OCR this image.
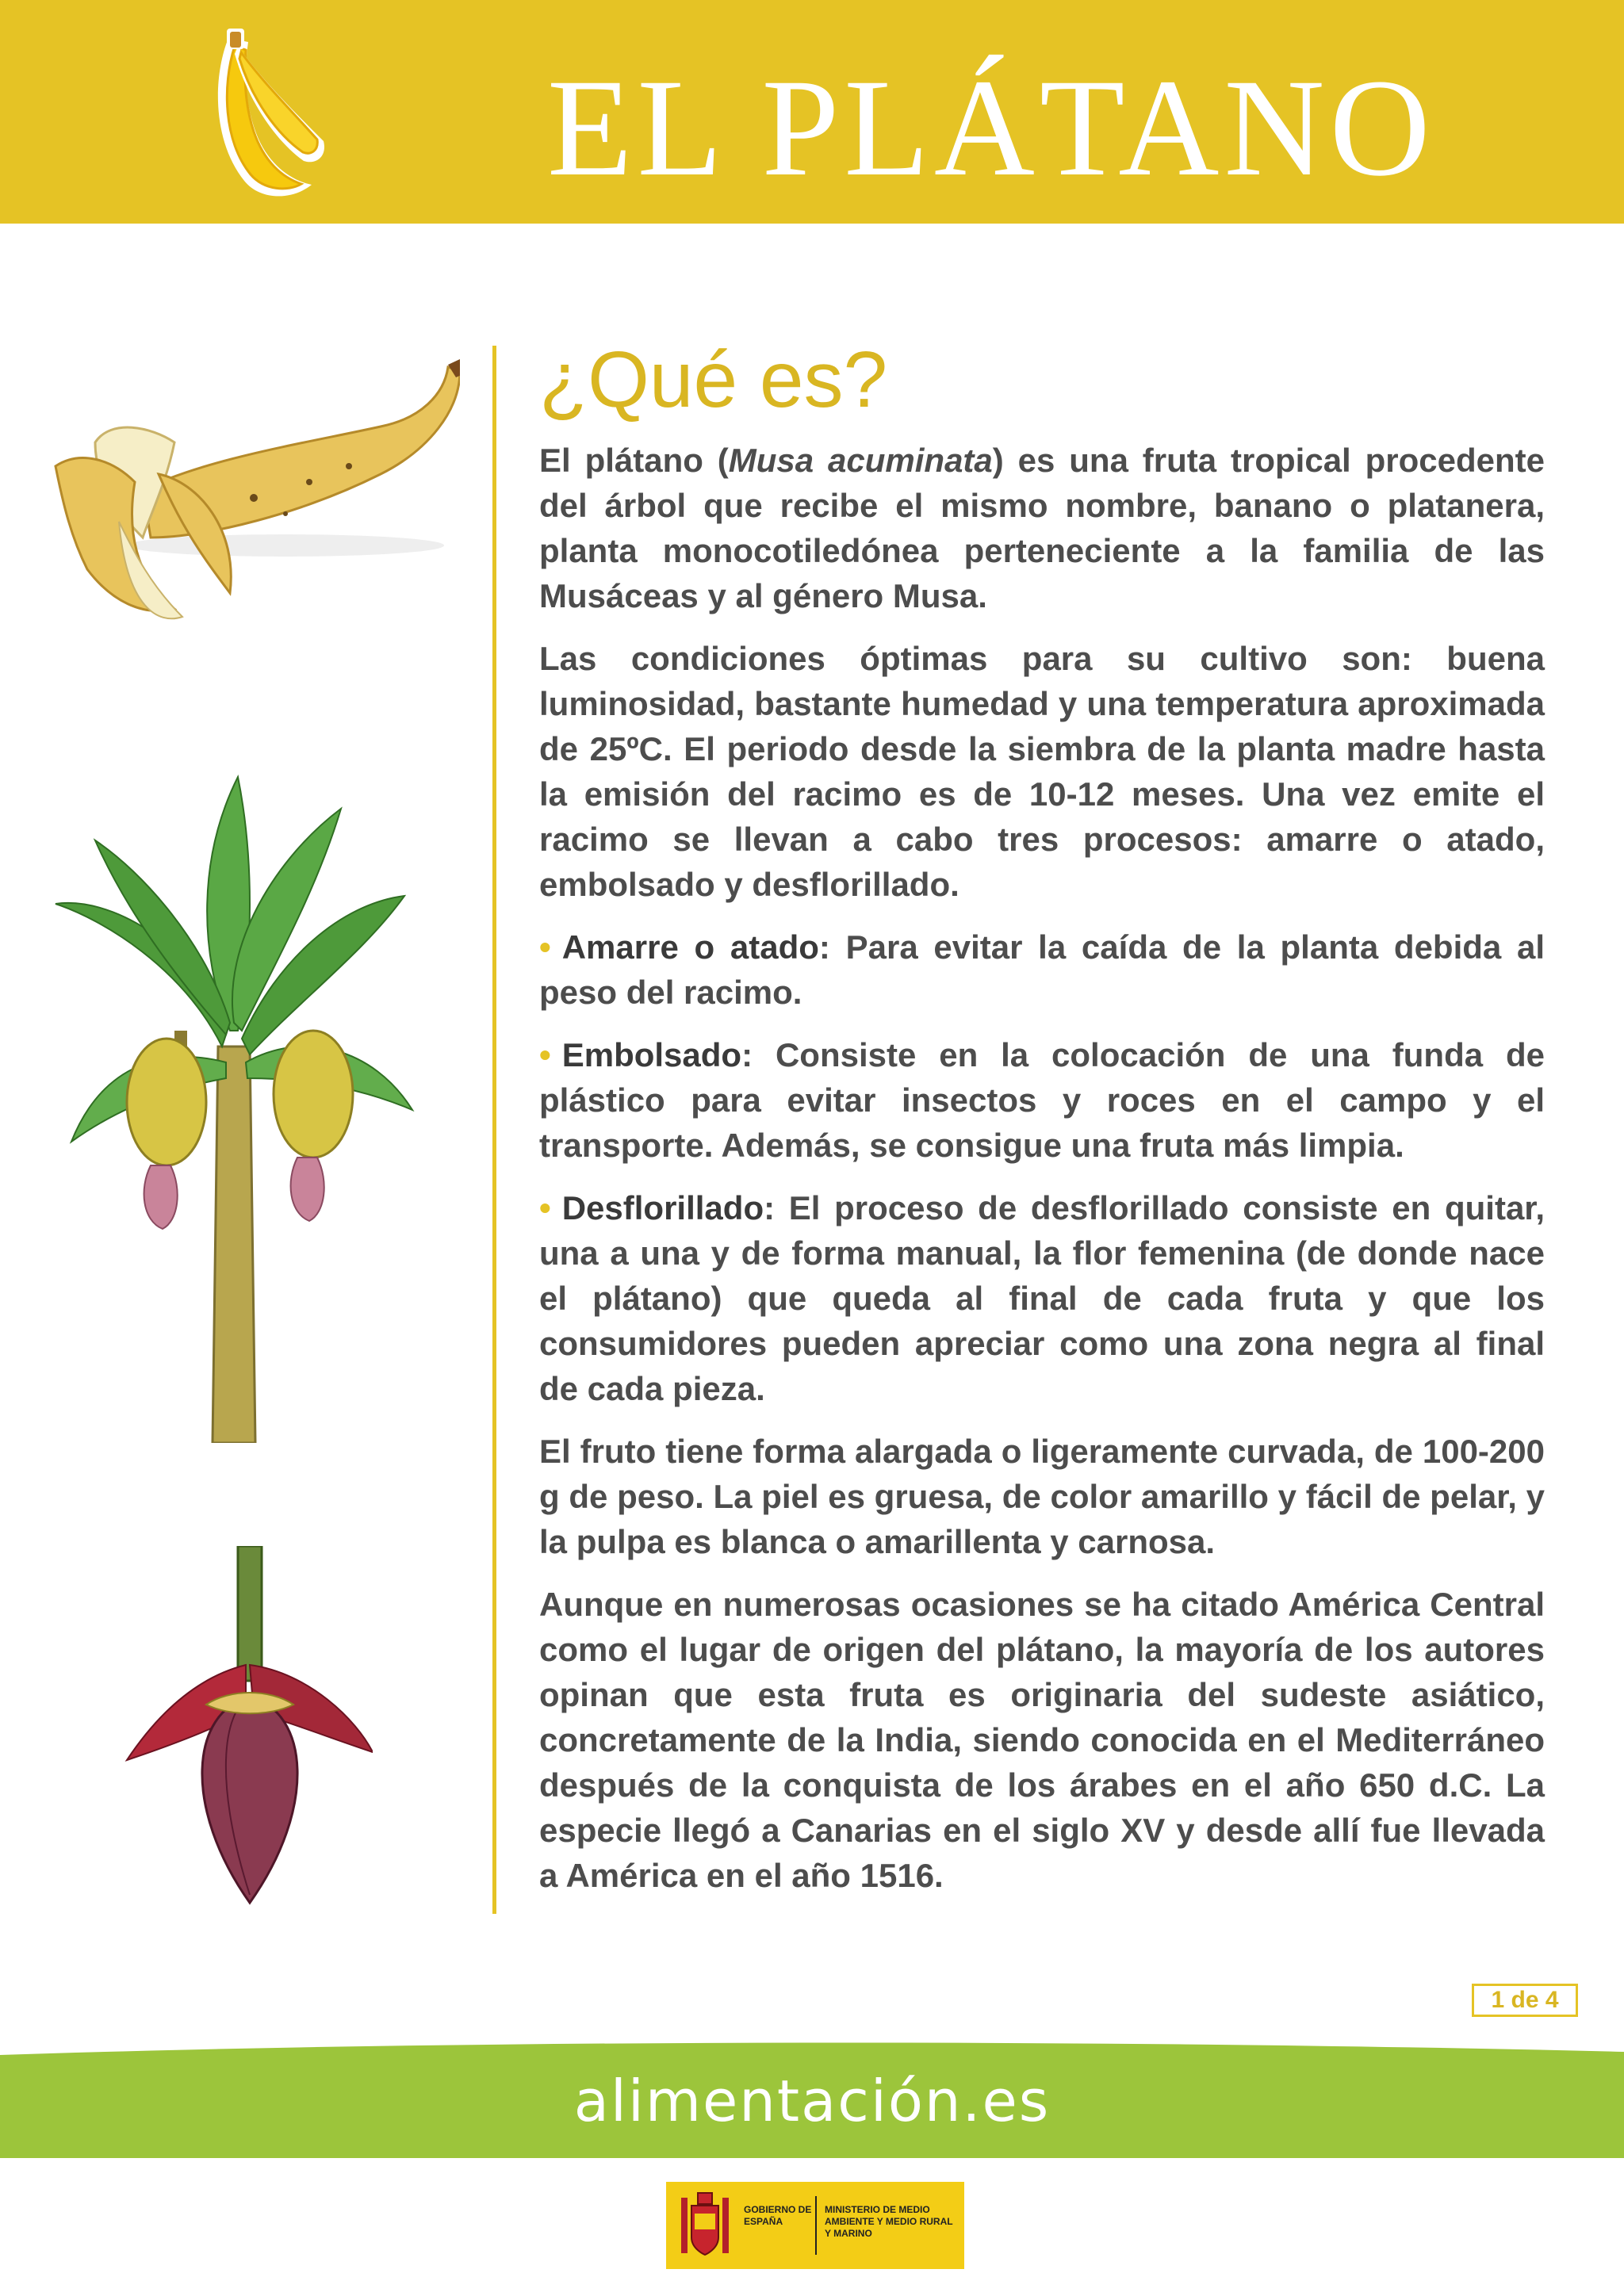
EL PLÁTANO
¿Qué es?

El plátano (Musa acuminata) es una fruta tropical procedente del árbol que recibe el mismo nombre, banano o platanera, planta monocotiledónea perteneciente a la familia de las Musáceas y al género Musa.

Las condiciones óptimas para su cultivo son: buena luminosidad, bastante humedad y una temperatura aproximada de 25ºC. El periodo desde la siembra de la planta madre hasta la emisión del racimo es de 10-12 meses. Una vez emite el racimo se llevan a cabo tres procesos: amarre o atado, embolsado y desflorillado.

• Amarre o atado: Para evitar la caída de la planta debida al peso del racimo.

• Embolsado: Consiste en la colocación de una funda de plástico para evitar insectos y roces en el campo y el transporte. Además, se consigue una fruta más limpia.

• Desflorillado: El proceso de desflorillado consiste en quitar, una a una y de forma manual, la flor femenina (de donde nace el plátano) que queda al final de cada fruta y que los consumidores pueden apreciar como una zona negra al final de cada pieza.

El fruto tiene forma alargada o ligeramente curvada, de 100-200 g de peso. La piel es gruesa, de color amarillo y fácil de pelar, y la pulpa es blanca o amarillenta y carnosa.

Aunque en numerosas ocasiones se ha citado América Central como el lugar de origen del plátano, la mayoría de los autores opinan que esta fruta es originaria del sudeste asiático, concretamente de la India, siendo conocida en el Mediterráneo después de la conquista de los árabes en el año 650 d.C. La especie llegó a Canarias en el siglo XV y desde allí fue llevada a América en el año 1516.

1 de 4
alimentación.es
GOBIERNO DE ESPAÑA
MINISTERIO DE MEDIO AMBIENTE Y MEDIO RURAL Y MARINO
